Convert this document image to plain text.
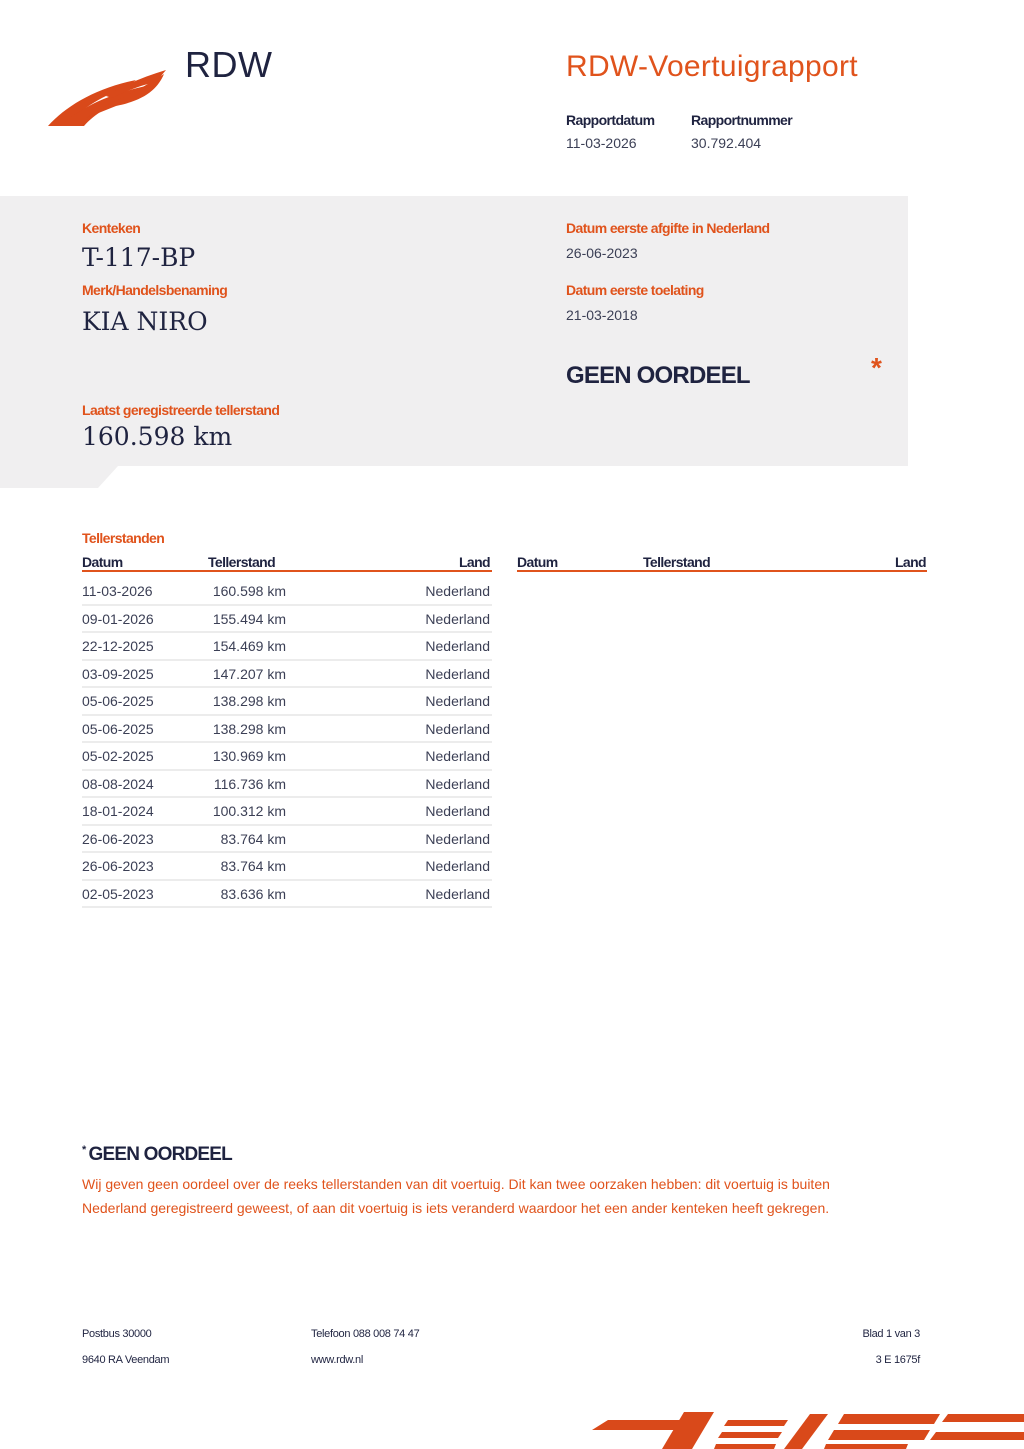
RDW	RDW-Voertuigrapport
Rapportdatum
11-03-2026
Rapportnummer
30.792.404
Kenteken
T-117-BP
Merk/Handelsbenaming
KIA NIRO
Laatst geregistreerde tellerstand
160.598 km
Datum eerste afgifte in Nederland
26-06-2023
Datum eerste toelating
21-03-2018
GEEN OORDEEL	*
Tellerstanden
Datum	Tellerstand	Land Datum	Tellerstand	Land
11-03-2026	160.598 km	Nederland
09-01-2026	155.494 km	Nederland
22-12-2025	154.469 km	Nederland
03-09-2025	147.207 km	Nederland
05-06-2025	138.298 km	Nederland
05-06-2025	138.298 km	Nederland
05-02-2025	130.969 km	Nederland
08-08-2024	116.736 km	Nederland
18-01-2024	100.312 km	Nederland
26-06-2023	83.764 km	Nederland
26-06-2023	83.764 km	Nederland
02-05-2023	83.636 km	Nederland
* GEEN OORDEEL
Wij geven geen oordeel over de reeks tellerstanden van dit voertuig. Dit kan twee oorzaken hebben: dit voertuig is buiten Nederland geregistreerd geweest, of aan dit voertuig is iets veranderd waardoor het een ander kenteken heeft gekregen.
Postbus 30000
9640 RA Veendam
Telefoon 088 008 74 47
www.rdw.nl
Blad 1 van 3
3 E 1675f
